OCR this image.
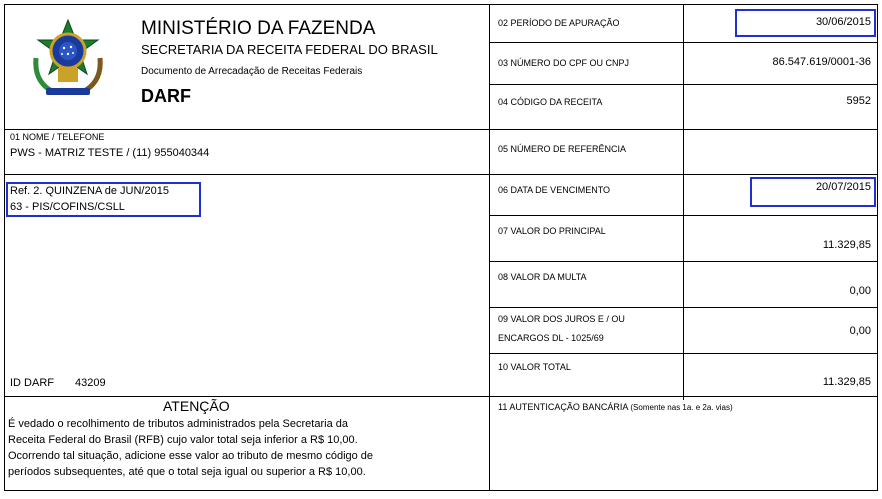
MINISTÉRIO DA FAZENDA
SECRETARIA DA RECEITA FEDERAL DO BRASIL
Documento de Arrecadação de Receitas Federais
DARF
02 PERÍODO DE APURAÇÃO	30/06/2015
03 NÚMERO DO CPF OU CNPJ	86.547.619/0001-36
04 CÓDIGO DA RECEITA	5952
05 NÚMERO DE REFERÊNCIA
06 DATA DE VENCIMENTO	20/07/2015
07 VALOR DO PRINCIPAL
11.329,85
08 VALOR DA MULTA
0,00
09 VALOR DOS JUROS E / OU
ENCARGOS DL - 1025/69
0,00
10 VALOR TOTAL
11.329,85
11 AUTENTICAÇÃO BANCÁRIA (Somente nas 1a. e 2a. vias)
01 NOME / TELEFONE
PWS - MATRIZ TESTE / (11) 955040344
Ref. 2. QUINZENA de JUN/2015
63 - PIS/COFINS/CSLL
ID DARF 43209
ATENÇÃO
É vedado o recolhimento de tributos administrados pela Secretaria da
Receita Federal do Brasil (RFB) cujo valor total seja inferior a R$ 10,00.
Ocorrendo tal situação, adicione esse valor ao tributo de mesmo código de
períodos subsequentes, até que o total seja igual ou superior a R$ 10,00.
